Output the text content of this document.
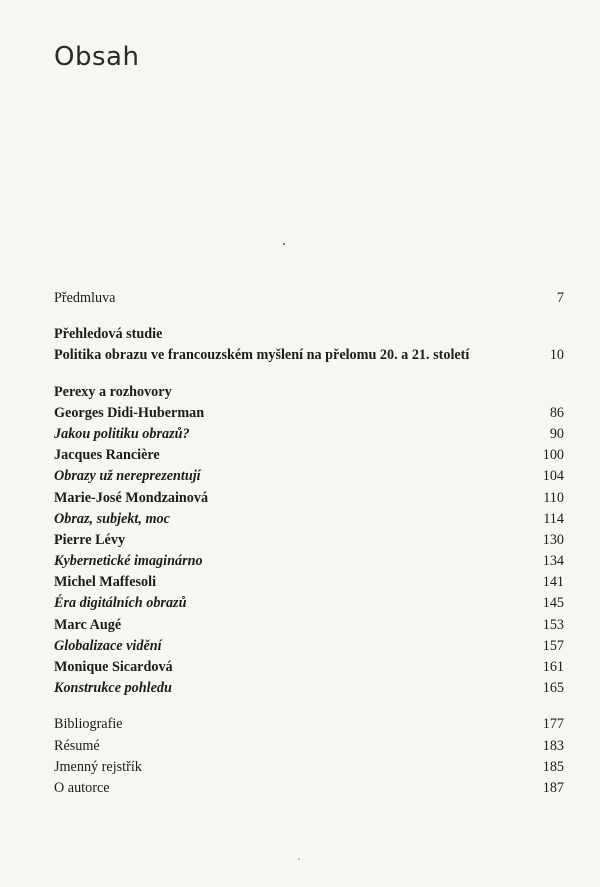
Obsah
Předmluva	7
Přehledová studie
Politika obrazu ve francouzském myšlení na přelomu 20. a 21. století	10
Perexy a rozhovory
Georges Didi-Huberman	86
Jakou politiku obrazů?	90
Jacques Rancière	100
Obrazy už nereprezentují	104
Marie-José Mondzainová	110
Obraz, subjekt, moc	114
Pierre Lévy	130
Kybernetické imaginárno	134
Michel Maffesoli	141
Éra digitálních obrazů	145
Marc Augé	153
Globalizace vidění	157
Monique Sicardová	161
Konstrukce pohledu	165
Bibliografie	177
Résumé	183
Jmenný rejstřík	185
O autorce	187
